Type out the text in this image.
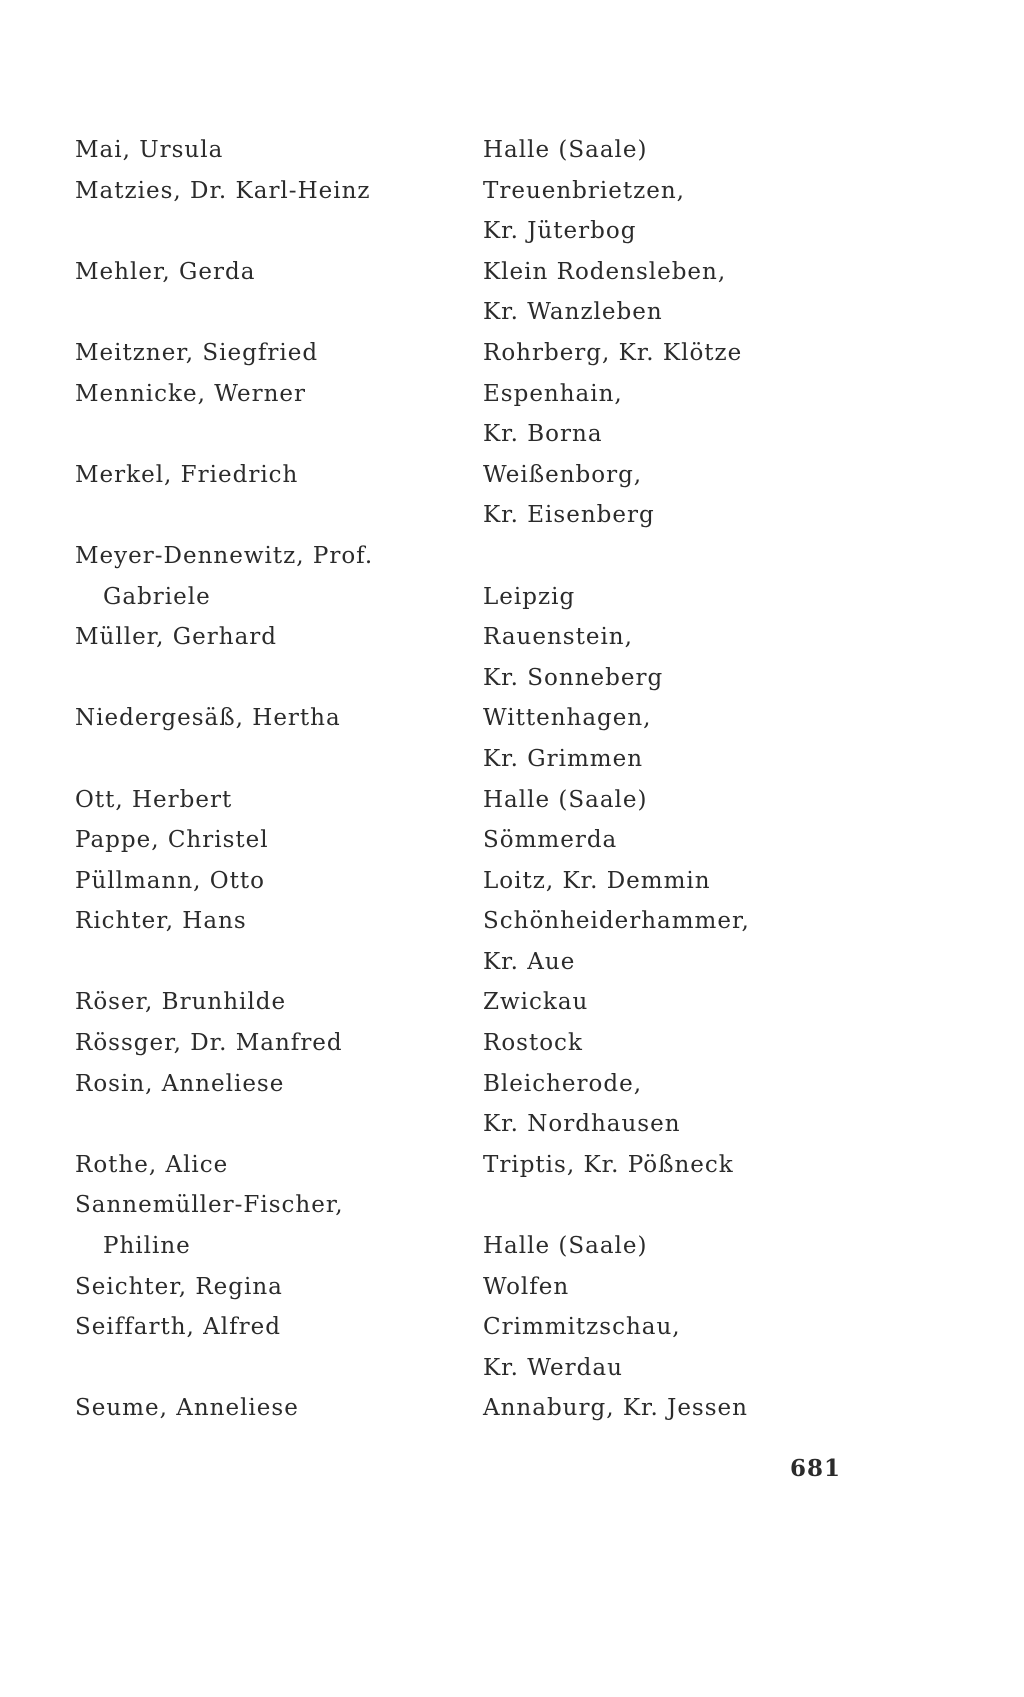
Mai, Ursula
Matzies, Dr. Karl-Heinz
Mehler, Gerda
Meitzner, Siegfried
Mennicke, Werner
Merkel, Friedrich
Meyer-Dennewitz, Prof.
Gabriele
Müller, Gerhard
Niedergesäß, Hertha
Ott, Herbert
Pappe, Christel
Püllmann, Otto
Richter, Hans
Röser, Brunhilde
Rössger, Dr. Manfred
Rosin, Anneliese
Rothe, Alice
Sannemüller-Fischer,
Philine
Seichter, Regina
Seiffarth, Alfred
Seume, Anneliese
Halle (Saale)
Treuenbrietzen,
Kr. Jüterbog
Klein Rodensleben,
Kr. Wanzleben
Rohrberg, Kr. Klötze
Espenhain,
Kr. Borna
Weißenborg,
Kr. Eisenberg
Leipzig
Rauenstein,
Kr. Sonneberg
Wittenhagen,
Kr. Grimmen
Halle (Saale)
Sömmerda
Loitz, Kr. Demmin
Schönheiderhammer,
Kr. Aue
Zwickau
Rostock
Bleicherode,
Kr. Nordhausen
Triptis, Kr. Pößneck
Halle (Saale)
Wolfen
Crimmitzschau,
Kr. Werdau
Annaburg, Kr. Jessen
681
